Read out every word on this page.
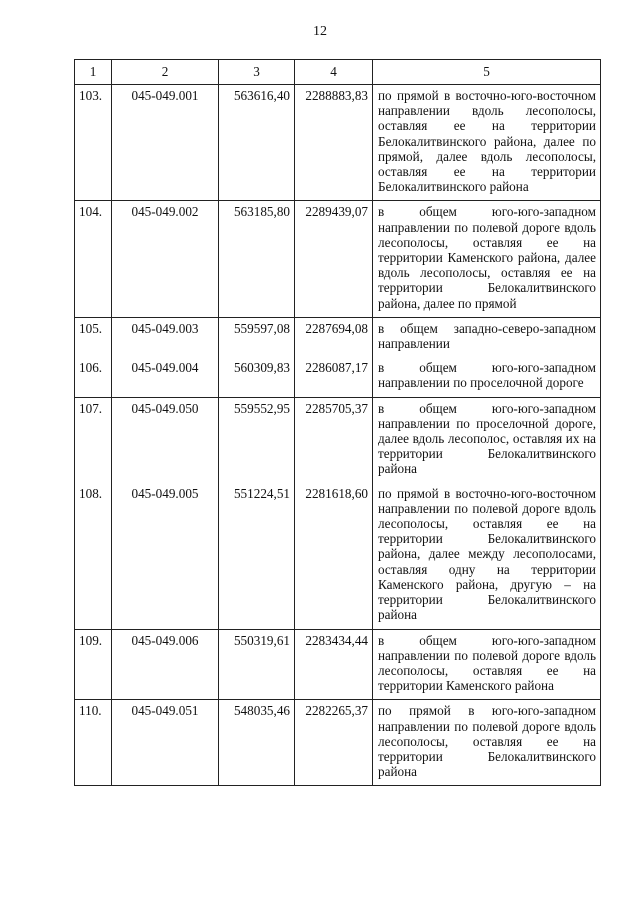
12
1	2	3	4	5

103.	045-049.001	563616,40	2288883,83	по прямой в восточно-юго-восточном направлении вдоль лесополосы, оставляя ее на территории Белокалитвинского района, далее по прямой, далее вдоль лесополосы, оставляя ее на территории Белокалитвинского района

104.	045-049.002	563185,80	2289439,07	в общем юго-юго-западном направлении по полевой дороге вдоль лесополосы, оставляя ее на территории Каменского района, далее вдоль лесополосы, оставляя ее на территории Белокалитвинского района, далее по прямой

105.	045-049.003	559597,08	2287694,08	в общем западно-северо-западном направлении

106.	045-049.004	560309,83	2286087,17	в общем юго-юго-западном направлении по проселочной дороге

107.	045-049.050	559552,95	2285705,37	в общем юго-юго-западном направлении по проселочной дороге, далее вдоль лесополос, оставляя их на территории Белокалитвинского района

108.	045-049.005	551224,51	2281618,60	по прямой в восточно-юго-восточном направлении по полевой дороге вдоль лесополосы, оставляя ее на территории Белокалитвинского района, далее между лесополосами, оставляя одну на территории Каменского района, другую – на территории Белокалитвинского района

109.	045-049.006	550319,61	2283434,44	в общем юго-юго-западном направлении по полевой дороге вдоль лесополосы, оставляя ее на территории Каменского района

110.	045-049.051	548035,46	2282265,37	по прямой в юго-юго-западном направлении по полевой дороге вдоль лесополосы, оставляя ее на территории Белокалитвинского района
